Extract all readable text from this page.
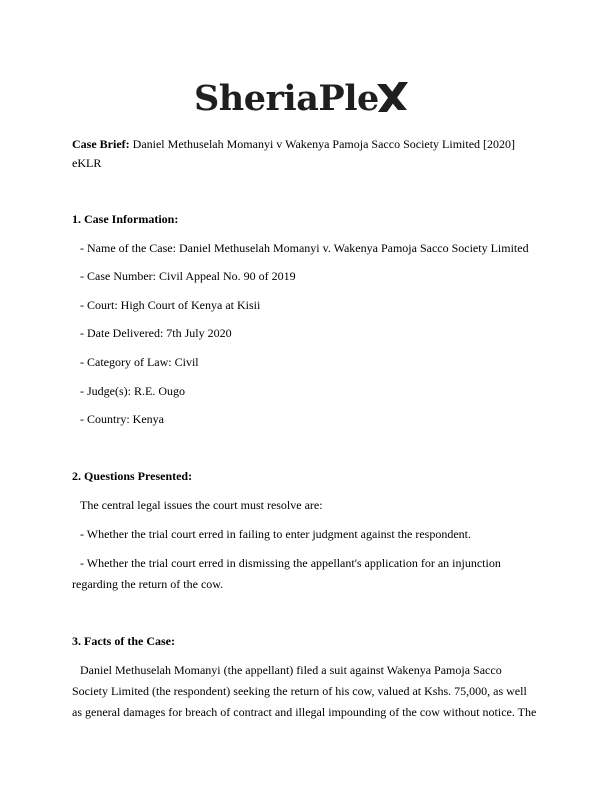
SheriaPle
Case Brief: Daniel Methuselah Momanyi v Wakenya Pamoja Sacco Society Limited [2020]
eKLR
1. Case Information:
- Name of the Case: Daniel Methuselah Momanyi v. Wakenya Pamoja Sacco Society Limited
- Case Number: Civil Appeal No. 90 of 2019
- Court: High Court of Kenya at Kisii
- Date Delivered: 7th July 2020
- Category of Law: Civil
- Judge(s): R.E. Ougo
- Country: Kenya
2. Questions Presented:
The central legal issues the court must resolve are:
- Whether the trial court erred in failing to enter judgment against the respondent.
- Whether the trial court erred in dismissing the appellant's application for an injunction
regarding the return of the cow.
3. Facts of the Case:
Daniel Methuselah Momanyi (the appellant) filed a suit against Wakenya Pamoja Sacco
Society Limited (the respondent) seeking the return of his cow, valued at Kshs. 75,000, as well
as general damages for breach of contract and illegal impounding of the cow without notice. The
